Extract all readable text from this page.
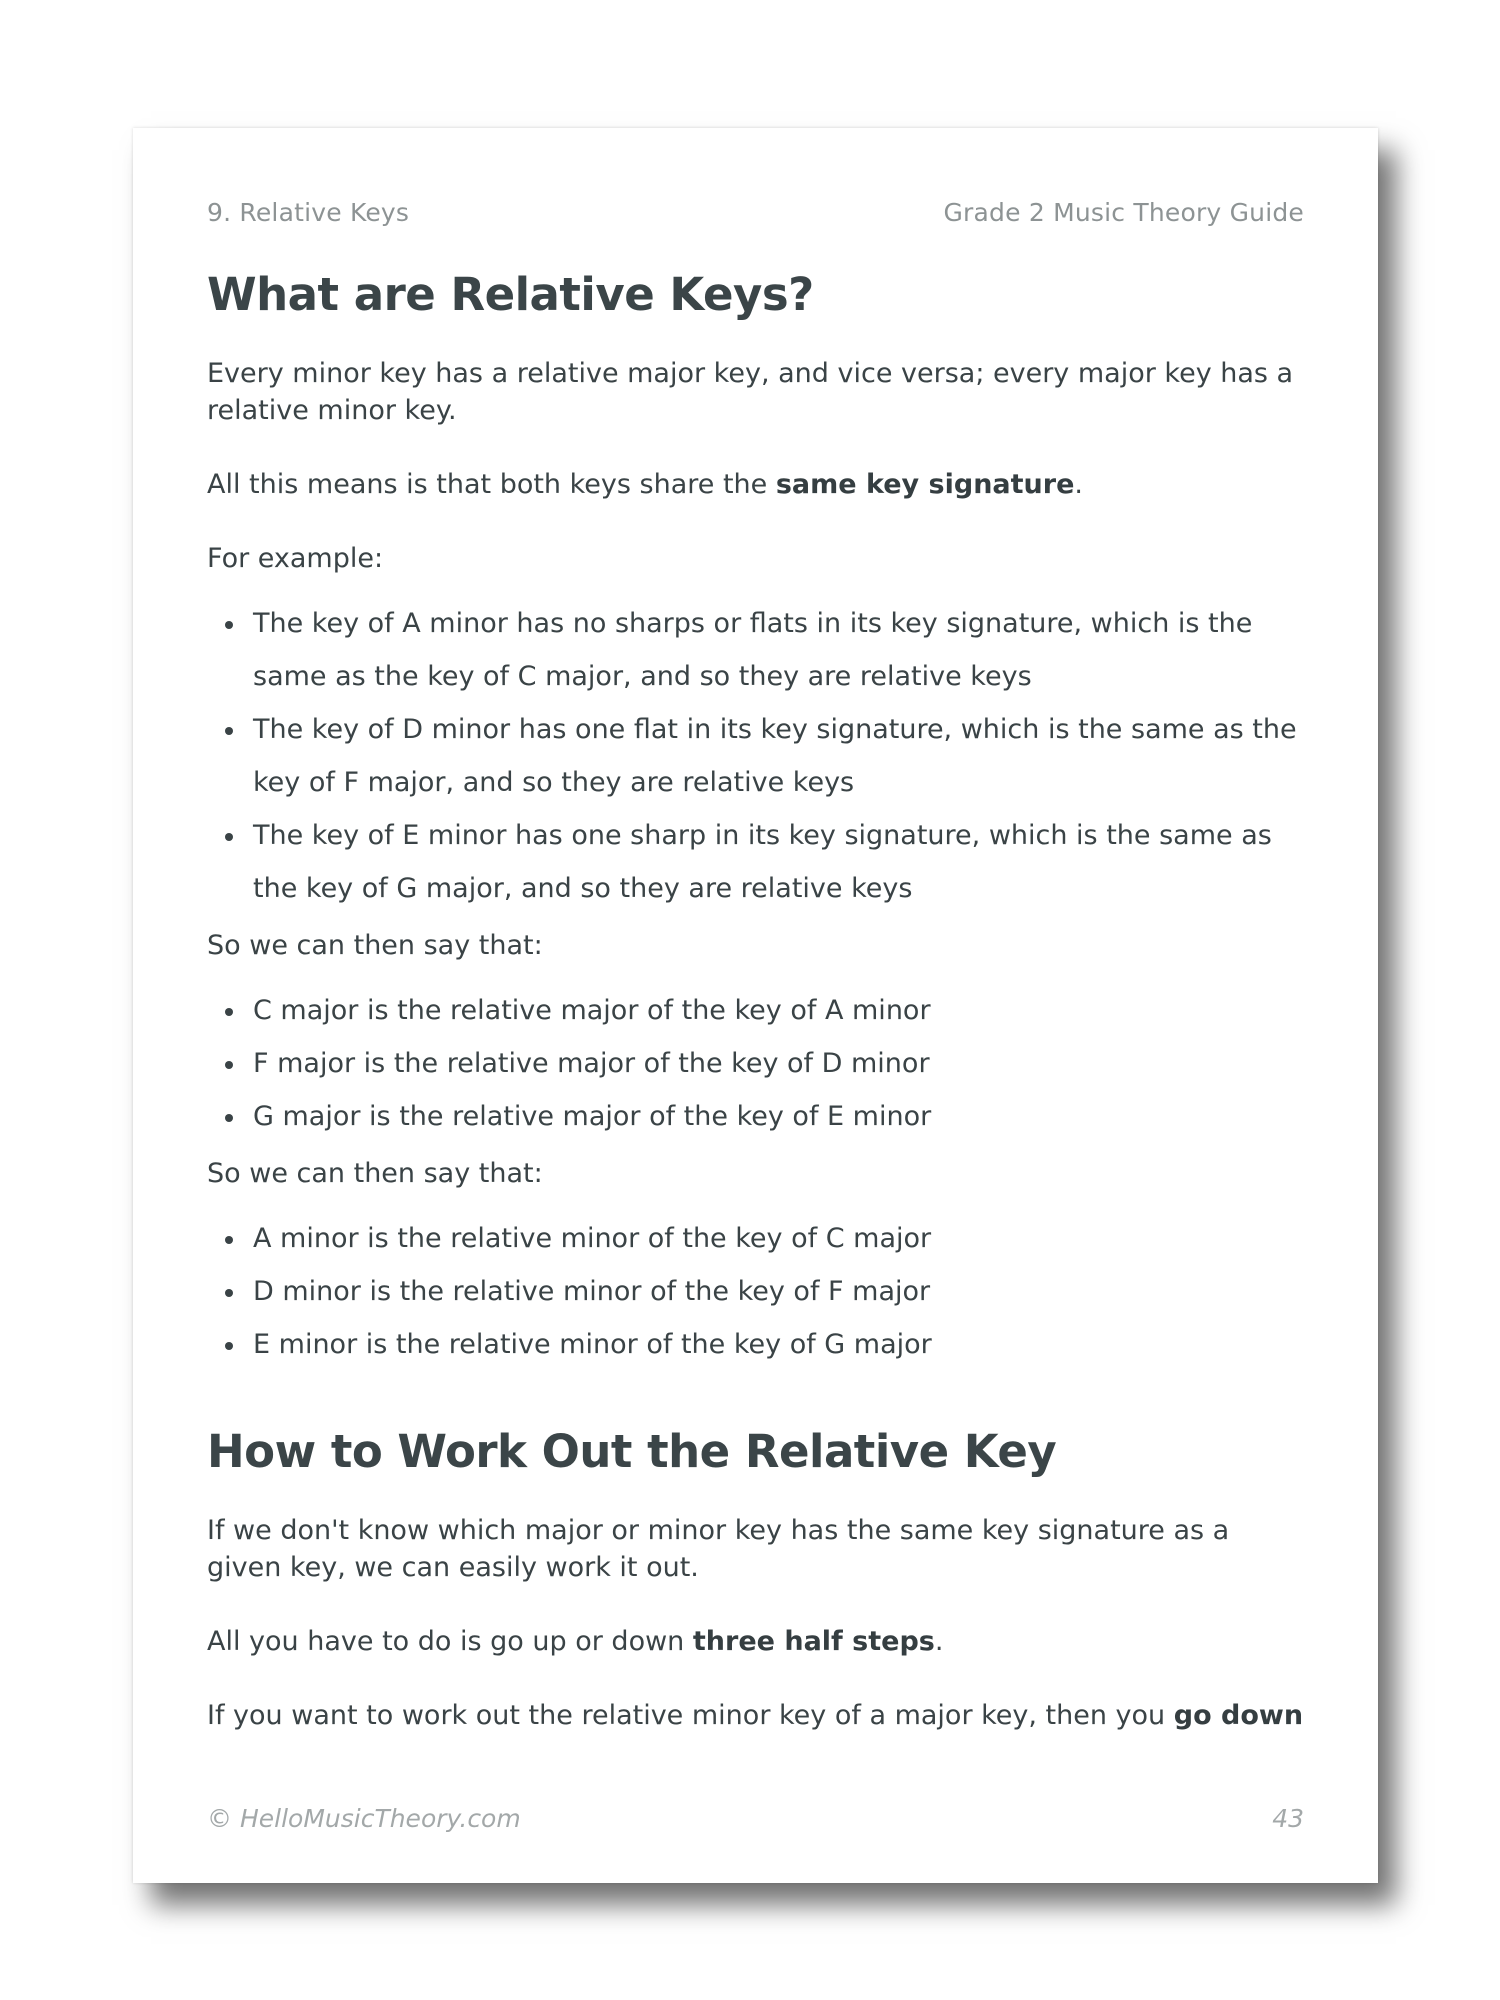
9. Relative Keys	Grade 2 Music Theory Guide
What are Relative Keys?

Every minor key has a relative major key, and vice versa; every major key has a relative minor key.

All this means is that both keys share the same key signature.

For example:

The key of A minor has no sharps or flats in its key signature, which is the same as the key of C major, and so they are relative keys
The key of D minor has one flat in its key signature, which is the same as the key of F major, and so they are relative keys
The key of E minor has one sharp in its key signature, which is the same as the key of G major, and so they are relative keys

So we can then say that:

C major is the relative major of the key of A minor
F major is the relative major of the key of D minor
G major is the relative major of the key of E minor

So we can then say that:

A minor is the relative minor of the key of C major
D minor is the relative minor of the key of F major
E minor is the relative minor of the key of G major
How to Work Out the Relative Key

If we don't know which major or minor key has the same key signature as a given key, we can easily work it out.

All you have to do is go up or down three half steps.

If you want to work out the relative minor key of a major key, then you go down

© HelloMusicTheory.com	43
